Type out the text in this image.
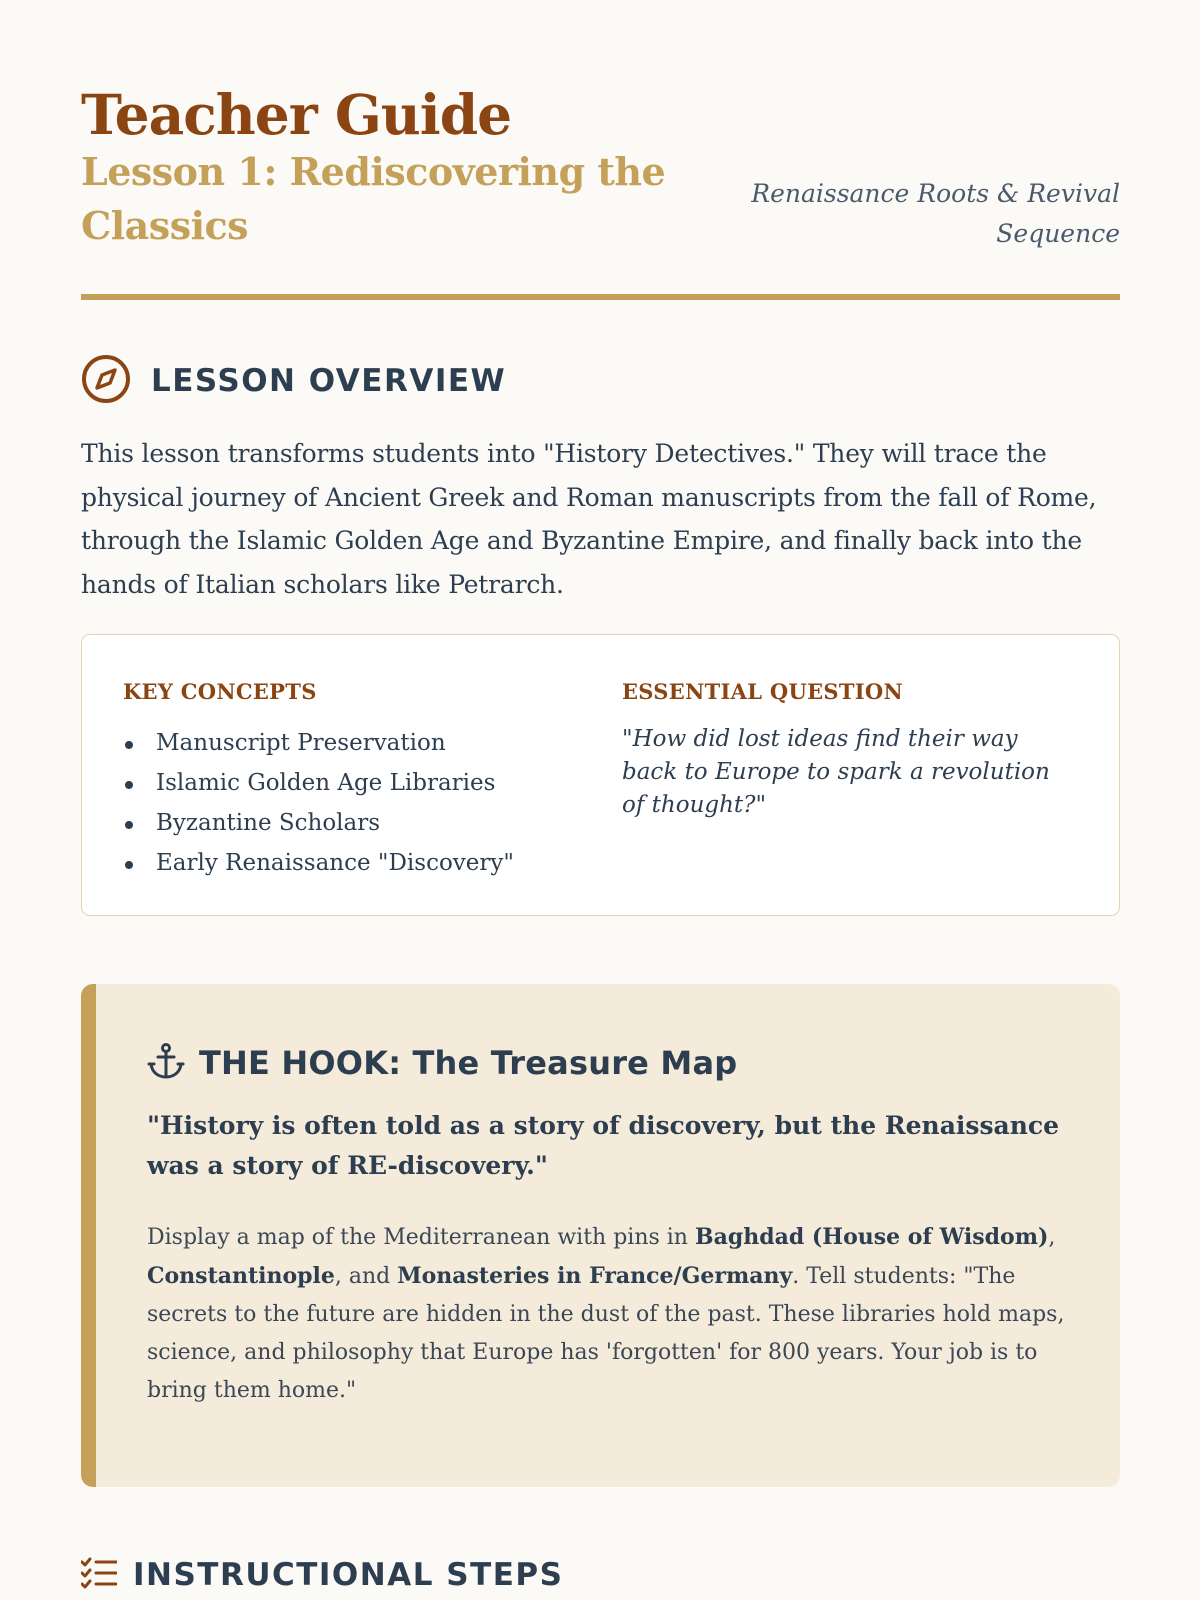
Teacher Guide
Lesson 1: Rediscovering the Classics
Renaissance Roots & Revival Sequence
LESSON OVERVIEW

This lesson transforms students into "History Detectives." They will trace the physical journey of Ancient Greek and Roman manuscripts from the fall of Rome, through the Islamic Golden Age and Byzantine Empire, and finally back into the hands of Italian scholars like Petrarch.

KEY CONCEPTS
Manuscript Preservation
Islamic Golden Age Libraries
Byzantine Scholars
Early Renaissance "Discovery"
ESSENTIAL QUESTION

"How did lost ideas find their way back to Europe to spark a revolution of thought?"

THE HOOK: The Treasure Map

"History is often told as a story of discovery, but the Renaissance was a story of RE-discovery."

Display a map of the Mediterranean with pins in Baghdad (House of Wisdom), Constantinople, and Monasteries in France/Germany. Tell students: "The secrets to the future are hidden in the dust of the past. These libraries hold maps, science, and philosophy that Europe has 'forgotten' for 800 years. Your job is to bring them home."

INSTRUCTIONAL STEPS
